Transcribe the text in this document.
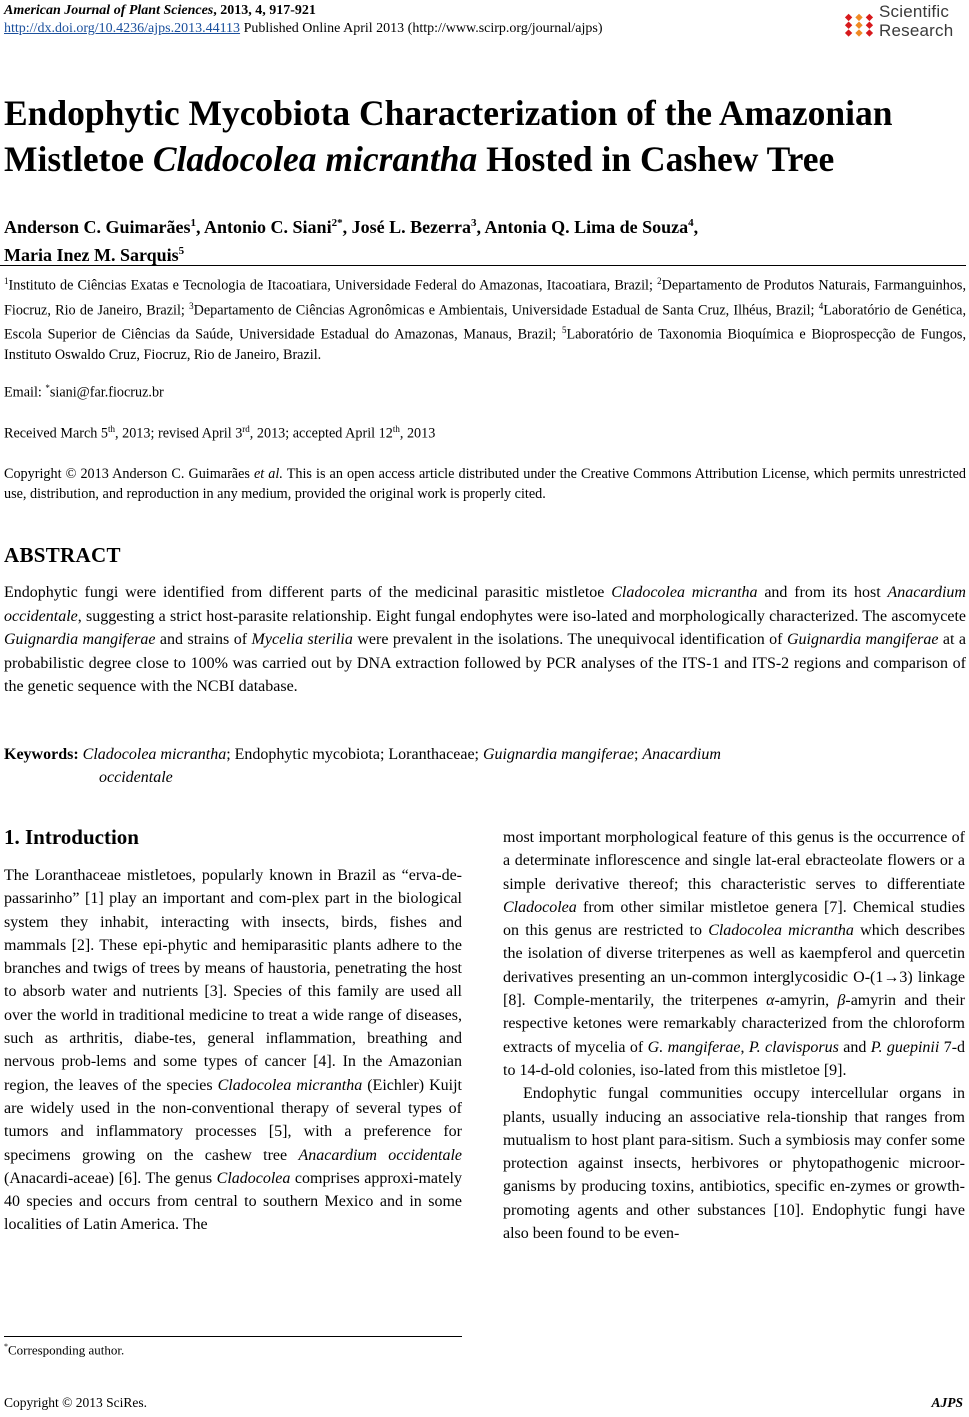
American Journal of Plant Sciences, 2013, 4, 917-921
http://dx.doi.org/10.4236/ajps.2013.44113 Published Online April 2013 (http://www.scirp.org/journal/ajps)
Scientific
Research
Endophytic Mycobiota Characterization of the Amazonian
Mistletoe Cladocolea micrantha Hosted in Cashew Tree
Anderson C. Guimarães$^1$, Antonio C. Siani$^{2*}$, José L. Bezerra$^3$, Antonia Q. Lima de Souza$^4$,
Maria Inez M. Sarquis$^5$
$^1$Instituto de Ciências Exatas e Tecnologia de Itacoatiara, Universidade Federal do Amazonas, Itacoatiara, Brazil; $^2$Departamento de Produtos Naturais, Farmanguinhos, Fiocruz, Rio de Janeiro, Brazil; $^3$Departamento de Ciências Agronômicas e Ambientais, Universidade Estadual de Santa Cruz, Ilhéus, Brazil; $^4$Laboratório de Genética, Escola Superior de Ciências da Saúde, Universidade Estadual do Amazonas, Manaus, Brazil; $^5$Laboratório de Taxonomia Bioquímica e Bioprospecção de Fungos, Instituto Oswaldo Cruz, Fiocruz, Rio de Janeiro, Brazil.
Email: *siani@far.fiocruz.br
Received March 5th, 2013; revised April 3rd, 2013; accepted April 12th, 2013
Copyright © 2013 Anderson C. Guimarães et al. This is an open access article distributed under the Creative Commons Attribution License, which permits unrestricted use, distribution, and reproduction in any medium, provided the original work is properly cited.
ABSTRACT
Endophytic fungi were identified from different parts of the medicinal parasitic mistletoe Cladocolea micrantha and from its host Anacardium occidentale, suggesting a strict host-parasite relationship. Eight fungal endophytes were iso-lated and morphologically characterized. The ascomycete Guignardia mangiferae and strains of Mycelia sterilia were prevalent in the isolations. The unequivocal identification of Guignardia mangiferae at a probabilistic degree close to 100% was carried out by DNA extraction followed by PCR analyses of the ITS-1 and ITS-2 regions and comparison of the genetic sequence with the NCBI database.
Keywords: Cladocolea micrantha; Endophytic mycobiota; Loranthaceae; Guignardia mangiferae; Anacardium
occidentale
1. Introduction

The Loranthaceae mistletoes, popularly known in Brazil as “erva-de-passarinho” [1] play an important and com-plex part in the biological system they inhabit, interacting with insects, birds, fishes and mammals [2]. These epi-phytic and hemiparasitic plants adhere to the branches and twigs of trees by means of haustoria, penetrating the host to absorb water and nutrients [3]. Species of this family are used all over the world in traditional medicine to treat a wide range of diseases, such as arthritis, diabe-tes, general inflammation, breathing and nervous prob-lems and some types of cancer [4]. In the Amazonian region, the leaves of the species Cladocolea micrantha (Eichler) Kuijt are widely used in the non-conventional therapy of several types of tumors and inflammatory processes [5], with a preference for specimens growing on the cashew tree Anacardium occidentale (Anacardi-aceae) [6]. The genus Cladocolea comprises approxi-mately 40 species and occurs from central to southern Mexico and in some localities of Latin America. The

most important morphological feature of this genus is the occurrence of a determinate inflorescence and single lat-eral ebracteolate flowers or a simple derivative thereof; this characteristic serves to differentiate Cladocolea from other similar mistletoe genera [7]. Chemical studies on this genus are restricted to Cladocolea micrantha which describes the isolation of diverse triterpenes as well as kaempferol and quercetin derivatives presenting an un-common interglycosidic O-(1→3) linkage [8]. Comple-mentarily, the triterpenes α-amyrin, β-amyrin and their respective ketones were remarkably characterized from the chloroform extracts of mycelia of G. mangiferae, P. clavisporus and P. guepinii 7-d to 14-d-old colonies, iso-lated from this mistletoe [9].

Endophytic fungal communities occupy intercellular organs in plants, usually inducing an associative rela-tionship that ranges from mutualism to host plant para-sitism. Such a symbiosis may confer some protection against insects, herbivores or phytopathogenic microor-ganisms by producing toxins, antibiotics, specific en-zymes or growth-promoting agents and other substances [10]. Endophytic fungi have also been found to be even-

*Corresponding author.
Copyright © 2013 SciRes.	AJPS
